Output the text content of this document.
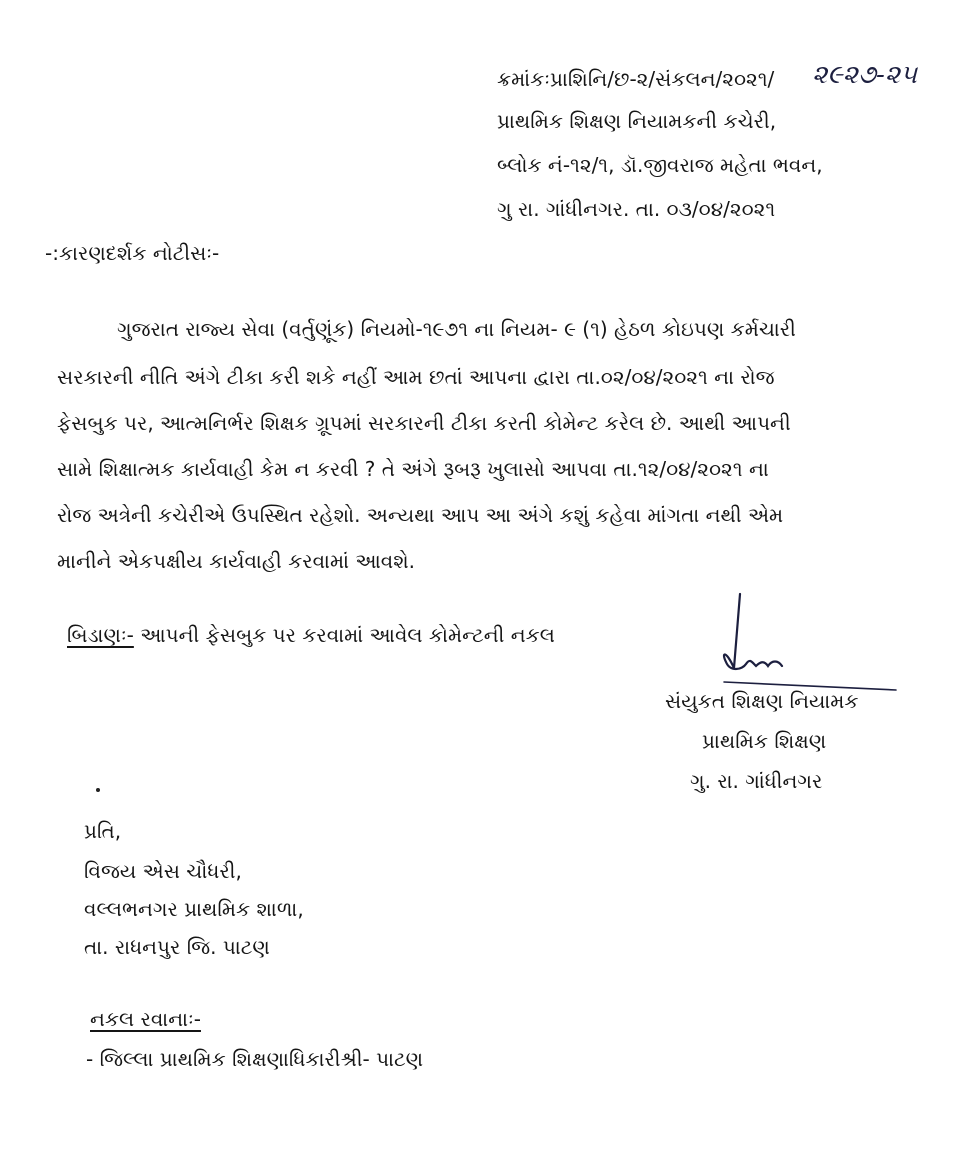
ક્રમાંકઃપ્રાશિનિ/છ-૨/સંકલન/૨૦૨૧/ ૨૯૨૭-૨૫
પ્રાથમિક શિક્ષણ નિયામકની કચેરી,
બ્લોક નં-૧૨/૧, ડૉ.જીવરાજ મહેતા ભવન,
ગુ રા. ગાંધીનગર. તા. ૦૩/૦૪/૨૦૨૧
-:કારણદર્શક નોટીસઃ-
ગુજરાત રાજ્ય સેવા (વર્તુણૂંક) નિયમો-૧૯૭૧ ના નિયમ- ૯ (૧) હેઠળ કોઇપણ કર્મચારી
સરકારની નીતિ અંગે ટીકા કરી શકે નહીં આમ છતાં આપના દ્વારા તા.૦૨/૦૪/૨૦૨૧ ના રોજ
ફેસબુક પર, આત્મનિર્ભર શિક્ષક ગ્રૂપમાં સરકારની ટીકા કરતી કોમેન્ટ કરેલ છે. આથી આપની
સામે શિક્ષાત્મક કાર્યવાહી કેમ ન કરવી ? તે અંગે રૂબરૂ ખુલાસો આપવા તા.૧૨/૦૪/૨૦૨૧ ના
રોજ અત્રેની કચેરીએ ઉપસ્થિત રહેશો. અન્યથા આપ આ અંગે કશું કહેવા માંગતા નથી એમ
માનીને એકપક્ષીય કાર્યવાહી કરવામાં આવશે.
બિડાણઃ- આપની ફેસબુક પર કરવામાં આવેલ કોમેન્ટની નકલ
સંયુકત શિક્ષણ નિયામક
પ્રાથમિક શિક્ષણ
ગુ. રા. ગાંધીનગર
પ્રતિ,
વિજય એસ ચૌધરી,
વલ્લભનગર પ્રાથમિક શાળા,
તા. રાધનપુર જિ. પાટણ
નકલ રવાનાઃ-
- જિલ્લા પ્રાથમિક શિક્ષણાધિકારીશ્રી- પાટણ
